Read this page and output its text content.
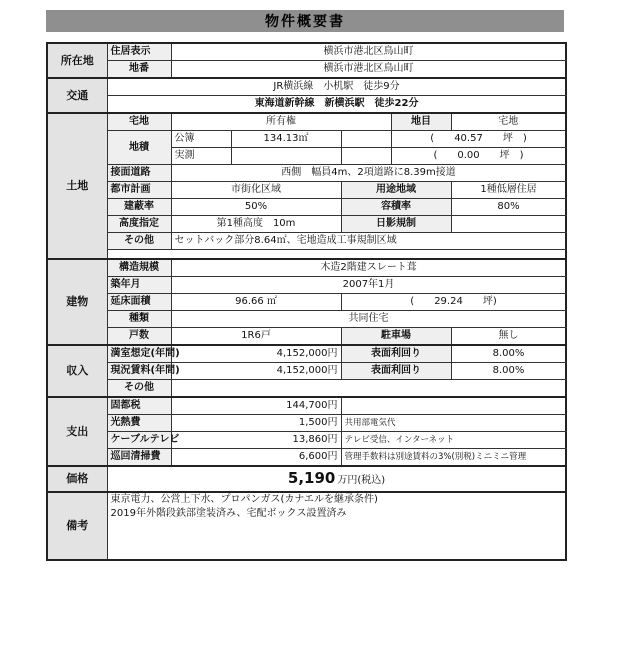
物件概要書
所在地	住居表示	横浜市港北区鳥山町				
	地番	横浜市港北区鳥山町				
交通	JR横浜線　小机駅　徒歩9分					
	東海道新幹線　新横浜駅　徒歩22分					
土地	宅地	所有権			地目	宅地
	地積	公簿	134.13㎡		(　　40.57　　坪　)	
		実測			(　　0.00　　坪　)	
	接面道路	西側　幅員4m、2項道路に8.39m接道				
	都市計画	市街化区域		用途地域		1種低層住居
	建蔽率	50%		容積率		80%
	高度指定	第1種高度　10m		日影規制		
	その他	セットバック部分8.64㎡、宅地造成工事規制区域				

建物	構造規模	木造2階建スレート葺				
	築年月	2007年1月				
	延床面積	96.66 ㎡		(　　29.24　　坪)		
	種類	共同住宅				
	戸数	1R6戸		駐車場		無し
収入	満室想定(年間)	4,152,000円		表面利回り		8.00%
	現況賃料(年間)	4,152,000円		表面利回り		8.00%
	その他					
支出	固都税	144,700円				
	光熱費	1,500円		共用部電気代		
	ケーブルテレビ	13,860円		テレビ受信、インターネット		
	巡回清掃費	6,600円		管理手数料は別途賃料の3%(別税)ミニミニ管理		
価格	5,190 万円(税込)					
備考	東京電力、公営上下水、プロパンガス(カナエルを継承条件)
2019年外階段鉄部塗装済み、宅配ボックス設置済み					
